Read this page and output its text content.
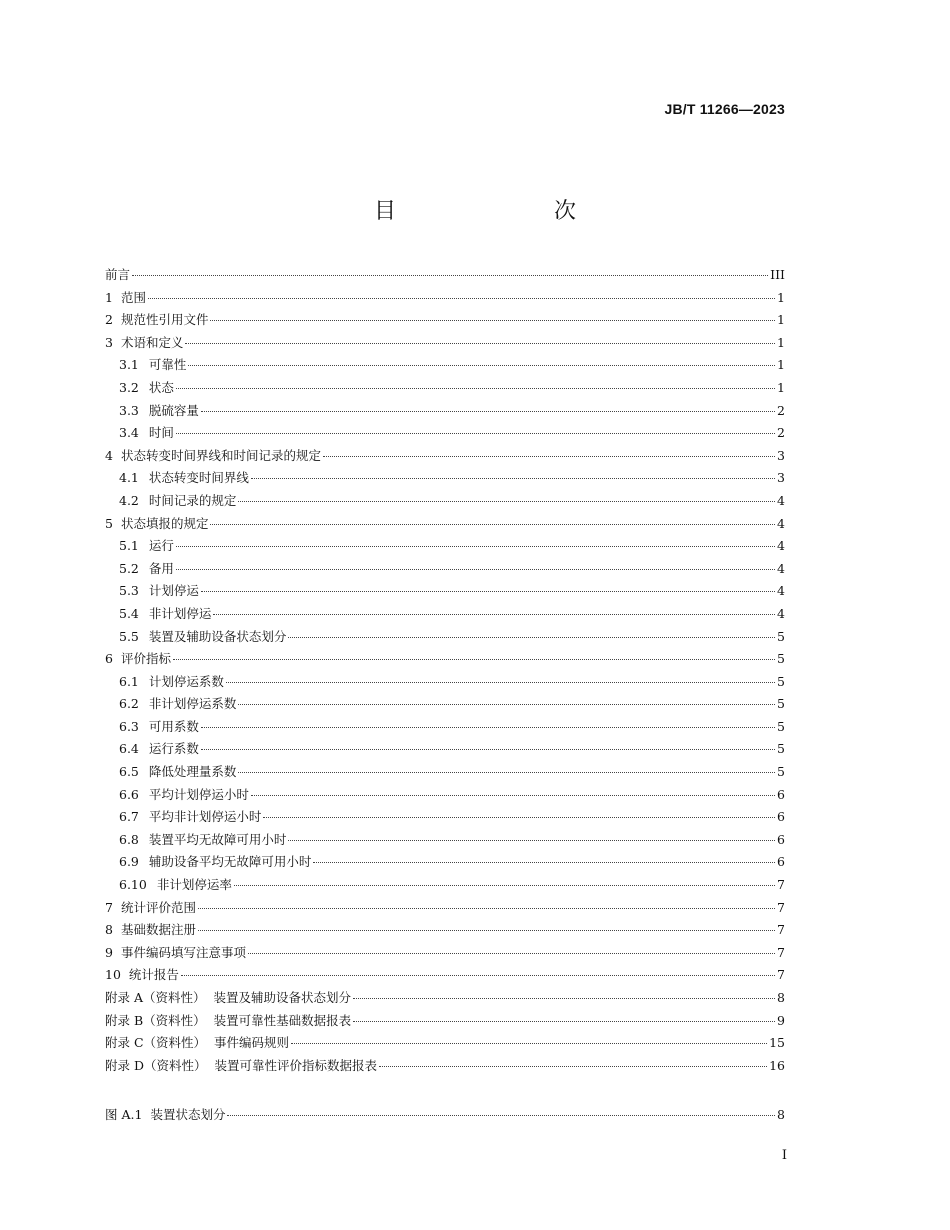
JB/T 11266—2023
目　　次
前言	III
1 范围	1
2 规范性引用文件	1
3 术语和定义	1
3.1 可靠性	1
3.2 状态	1
3.3 脱硫容量	2
3.4 时间	2
4 状态转变时间界线和时间记录的规定	3
4.1 状态转变时间界线	3
4.2 时间记录的规定	4
5 状态填报的规定	4
5.1 运行	4
5.2 备用	4
5.3 计划停运	4
5.4 非计划停运	4
5.5 装置及辅助设备状态划分	5
6 评价指标	5
6.1 计划停运系数	5
6.2 非计划停运系数	5
6.3 可用系数	5
6.4 运行系数	5
6.5 降低处理量系数	5
6.6 平均计划停运小时	6
6.7 平均非计划停运小时	6
6.8 装置平均无故障可用小时	6
6.9 辅助设备平均无故障可用小时	6
6.10 非计划停运率	7
7 统计评价范围	7
8 基础数据注册	7
9 事件编码填写注意事项	7
10 统计报告	7
附录 A（资料性） 装置及辅助设备状态划分	8
附录 B（资料性） 装置可靠性基础数据报表	9
附录 C（资料性） 事件编码规则	15
附录 D（资料性） 装置可靠性评价指标数据报表	16
图 A.1 装置状态划分	8
I
